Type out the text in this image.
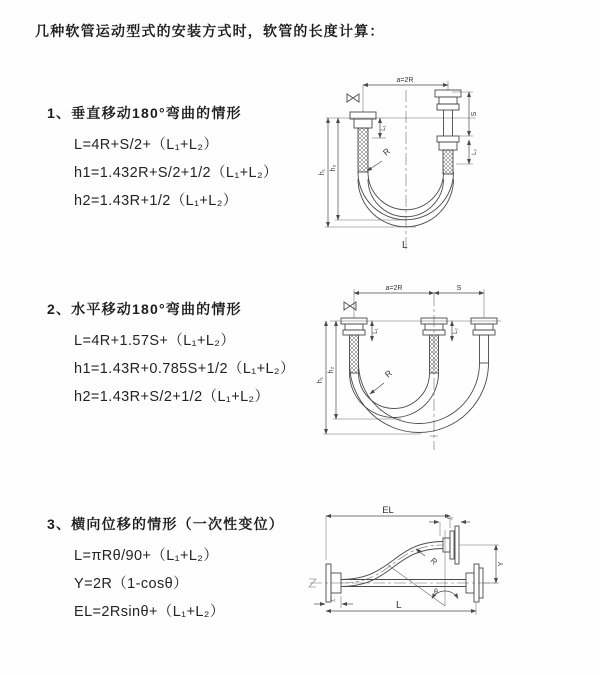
几种软管运动型式的安装方式时，软管的长度计算：
1、垂直移动180°弯曲的情形
L=4R+S/2+（L₁+L₂）
h1=1.432R+S/2+1/2（L₁+L₂）
h2=1.43R+1/2（L₁+L₂）
2、水平移动180°弯曲的情形
L=4R+1.57S+（L₁+L₂）
h1=1.43R+0.785S+1/2（L₁+L₂）
h2=1.43R+S/2+1/2（L₁+L₂）
3、横向位移的情形（一次性变位）
L=πRθ/90+（L₁+L₂）
Y=2R（1-cosθ）
EL=2Rsinθ+（L₁+L₂）
a=2R
h₁
h₂
L₁
S
L₂
R
L
a=2R	S
h₁
h₂
L₁	L₂
R
EL
L₂
θ
R	Y
L₁	L
